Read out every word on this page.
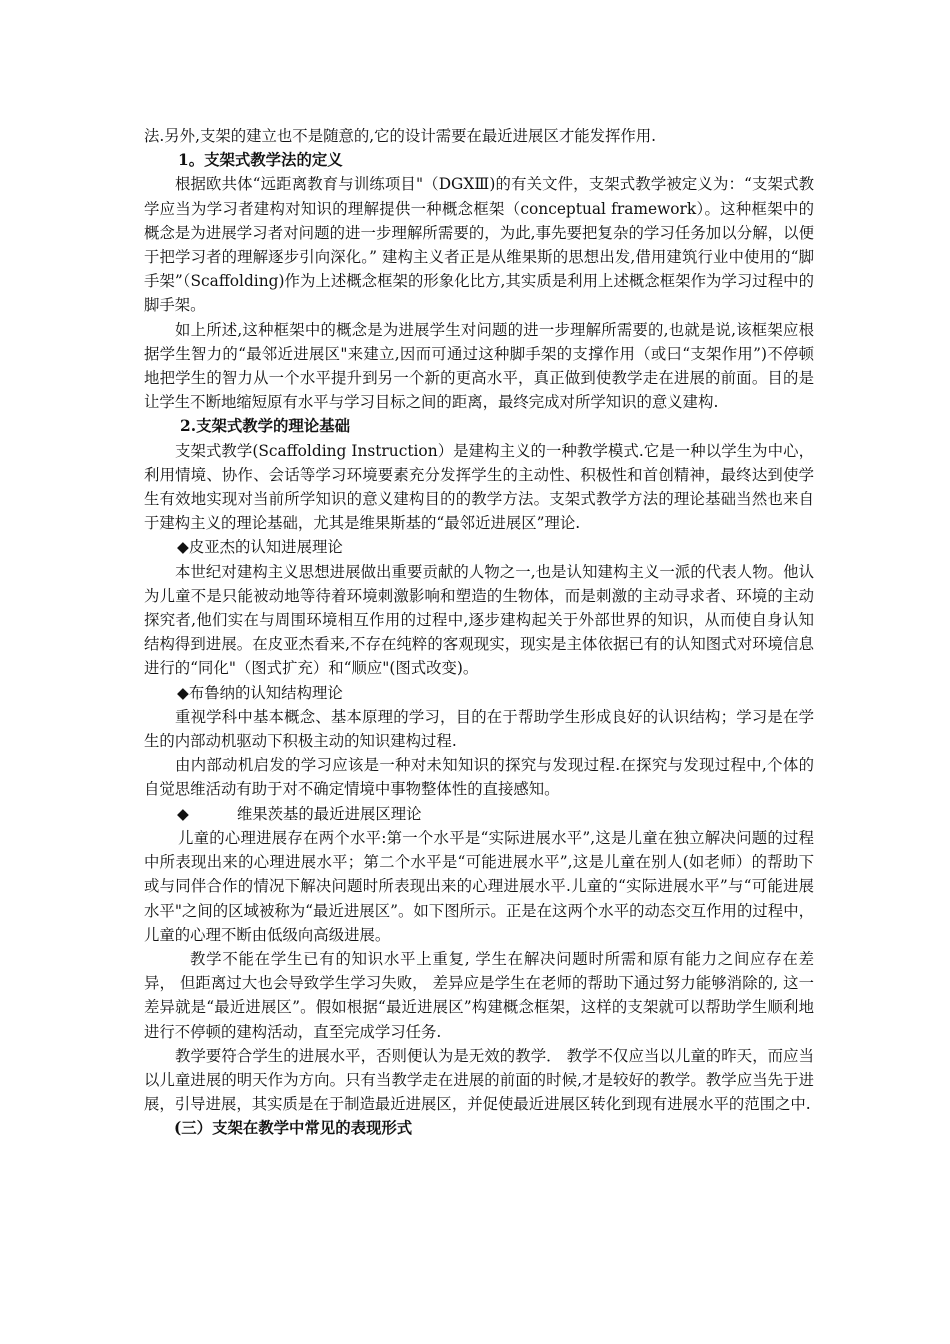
法.另外,支架的建立也不是随意的,它的设计需要在最近进展区才能发挥作用.

1。支架式教学法的定义

根据欧共体“远距离教育与训练项目"（DGXⅢ)的有关文件，支架式教学被定义为：“支架式教学应当为学习者建构对知识的理解提供一种概念框架（conceptual framework）。这种框架中的概念是为进展学习者对问题的进一步理解所需要的，为此,事先要把复杂的学习任务加以分解，以便于把学习者的理解逐步引向深化。” 建构主义者正是从维果斯的思想出发,借用建筑行业中使用的“脚手架”（Scaffolding)作为上述概念框架的形象化比方,其实质是利用上述概念框架作为学习过程中的脚手架。

如上所述,这种框架中的概念是为进展学生对问题的进一步理解所需要的,也就是说,该框架应根据学生智力的“最邻近进展区"来建立,因而可通过这种脚手架的支撑作用（或曰“支架作用”)不停顿地把学生的智力从一个水平提升到另一个新的更高水平，真正做到使教学走在进展的前面。目的是让学生不断地缩短原有水平与学习目标之间的距离，最终完成对所学知识的意义建构.

2.支架式教学的理论基础

支架式教学(Scaffolding Instruction）是建构主义的一种教学模式.它是一种以学生为中心，利用情境、协作、会话等学习环境要素充分发挥学生的主动性、积极性和首创精神，最终达到使学生有效地实现对当前所学知识的意义建构目的的教学方法。支架式教学方法的理论基础当然也来自于建构主义的理论基础，尤其是维果斯基的“最邻近进展区”理论.

◆皮亚杰的认知进展理论

本世纪对建构主义思想进展做出重要贡献的人物之一,也是认知建构主义一派的代表人物。他认为儿童不是只能被动地等待着环境刺激影响和塑造的生物体，而是刺激的主动寻求者、环境的主动探究者,他们实在与周围环境相互作用的过程中,逐步建构起关于外部世界的知识，从而使自身认知结构得到进展。在皮亚杰看来,不存在纯粹的客观现实，现实是主体依据已有的认知图式对环境信息进行的“同化"（图式扩充）和“顺应"(图式改变)。

◆布鲁纳的认知结构理论

重视学科中基本概念、基本原理的学习，目的在于帮助学生形成良好的认识结构；学习是在学生的内部动机驱动下积极主动的知识建构过程.

由内部动机启发的学习应该是一种对未知知识的探究与发现过程.在探究与发现过程中,个体的自觉思维活动有助于对不确定情境中事物整体性的直接感知。

◆	维果茨基的最近进展区理论

儿童的心理进展存在两个水平:第一个水平是“实际进展水平”,这是儿童在独立解决问题的过程中所表现出来的心理进展水平；第二个水平是“可能进展水平”,这是儿童在别人(如老师）的帮助下或与同伴合作的情况下解决问题时所表现出来的心理进展水平.儿童的“实际进展水平”与“可能进展水平"之间的区域被称为“最近进展区”。如下图所示。正是在这两个水平的动态交互作用的过程中，儿童的心理不断由低级向高级进展。

教学不能在学生已有的知识水平上重复, 学生在解决问题时所需和原有能力之间应存在差异， 但距离过大也会导致学生学习失败， 差异应是学生在老师的帮助下通过努力能够消除的, 这一差异就是“最近进展区”。假如根据“最近进展区”构建概念框架，这样的支架就可以帮助学生顺利地进行不停顿的建构活动，直至完成学习任务.

教学要符合学生的进展水平，否则便认为是无效的教学． 教学不仅应当以儿童的昨天，而应当以儿童进展的明天作为方向。只有当教学走在进展的前面的时候,才是较好的教学。教学应当先于进展，引导进展，其实质是在于制造最近进展区，并促使最近进展区转化到现有进展水平的范围之中.

(三）支架在教学中常见的表现形式
